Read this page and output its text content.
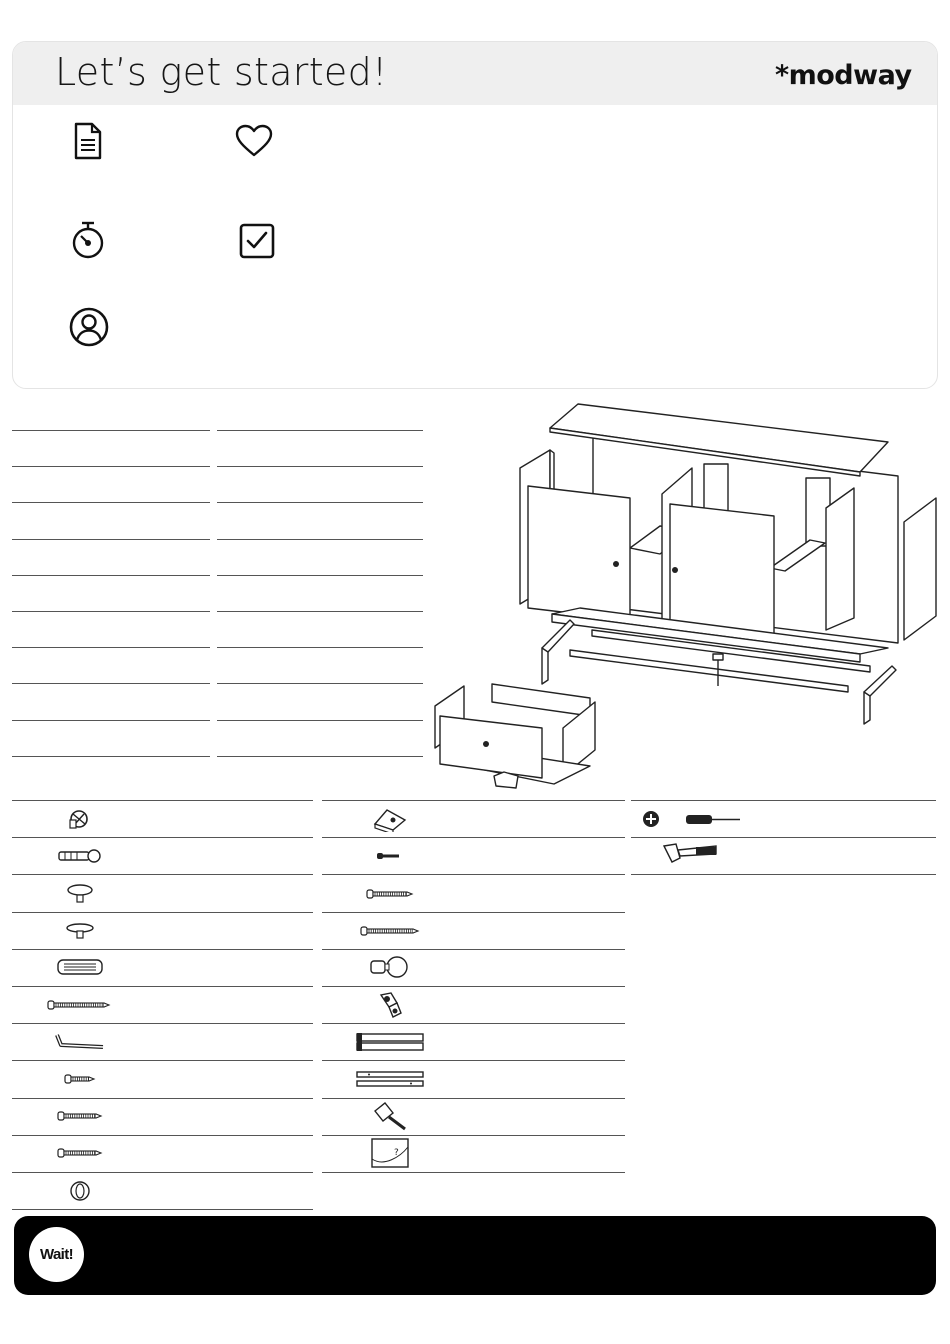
Let’s get started!	*modway
?
Wait!
